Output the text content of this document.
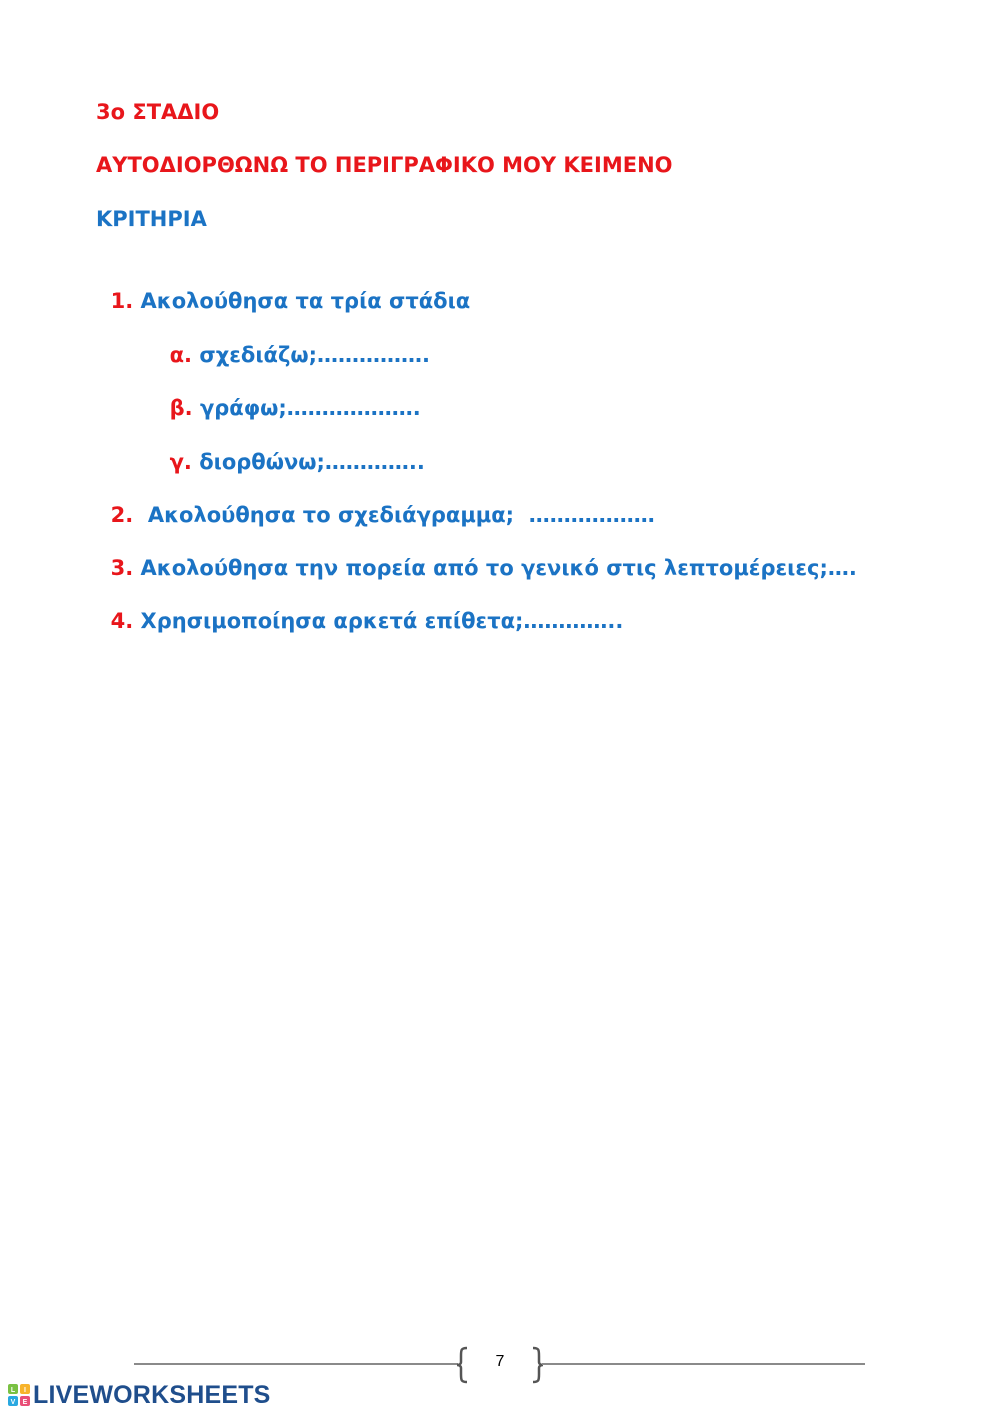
3ο ΣΤΑΔΙΟ
ΑΥΤΟΔΙΟΡΘΩΝΩ ΤΟ ΠΕΡΙΓΡΑΦΙΚΟ ΜΟΥ ΚΕΙΜΕΝΟ
ΚΡΙΤΗΡΙΑ

1. Ακολούθησα τα τρία στάδια

α. σχεδιάζω;…………….

β. γράφω;……………….

γ. διορθώνω;…………..

2.  Ακολούθησα το σχεδιάγραμμα;  ………………

3. Ακολούθησα την πορεία από το γενικό στις λεπτομέρειες;….

4. Χρησιμοποίησα αρκετά επίθετα;…………..

7
L I
V E LIVEWORKSHEETS
